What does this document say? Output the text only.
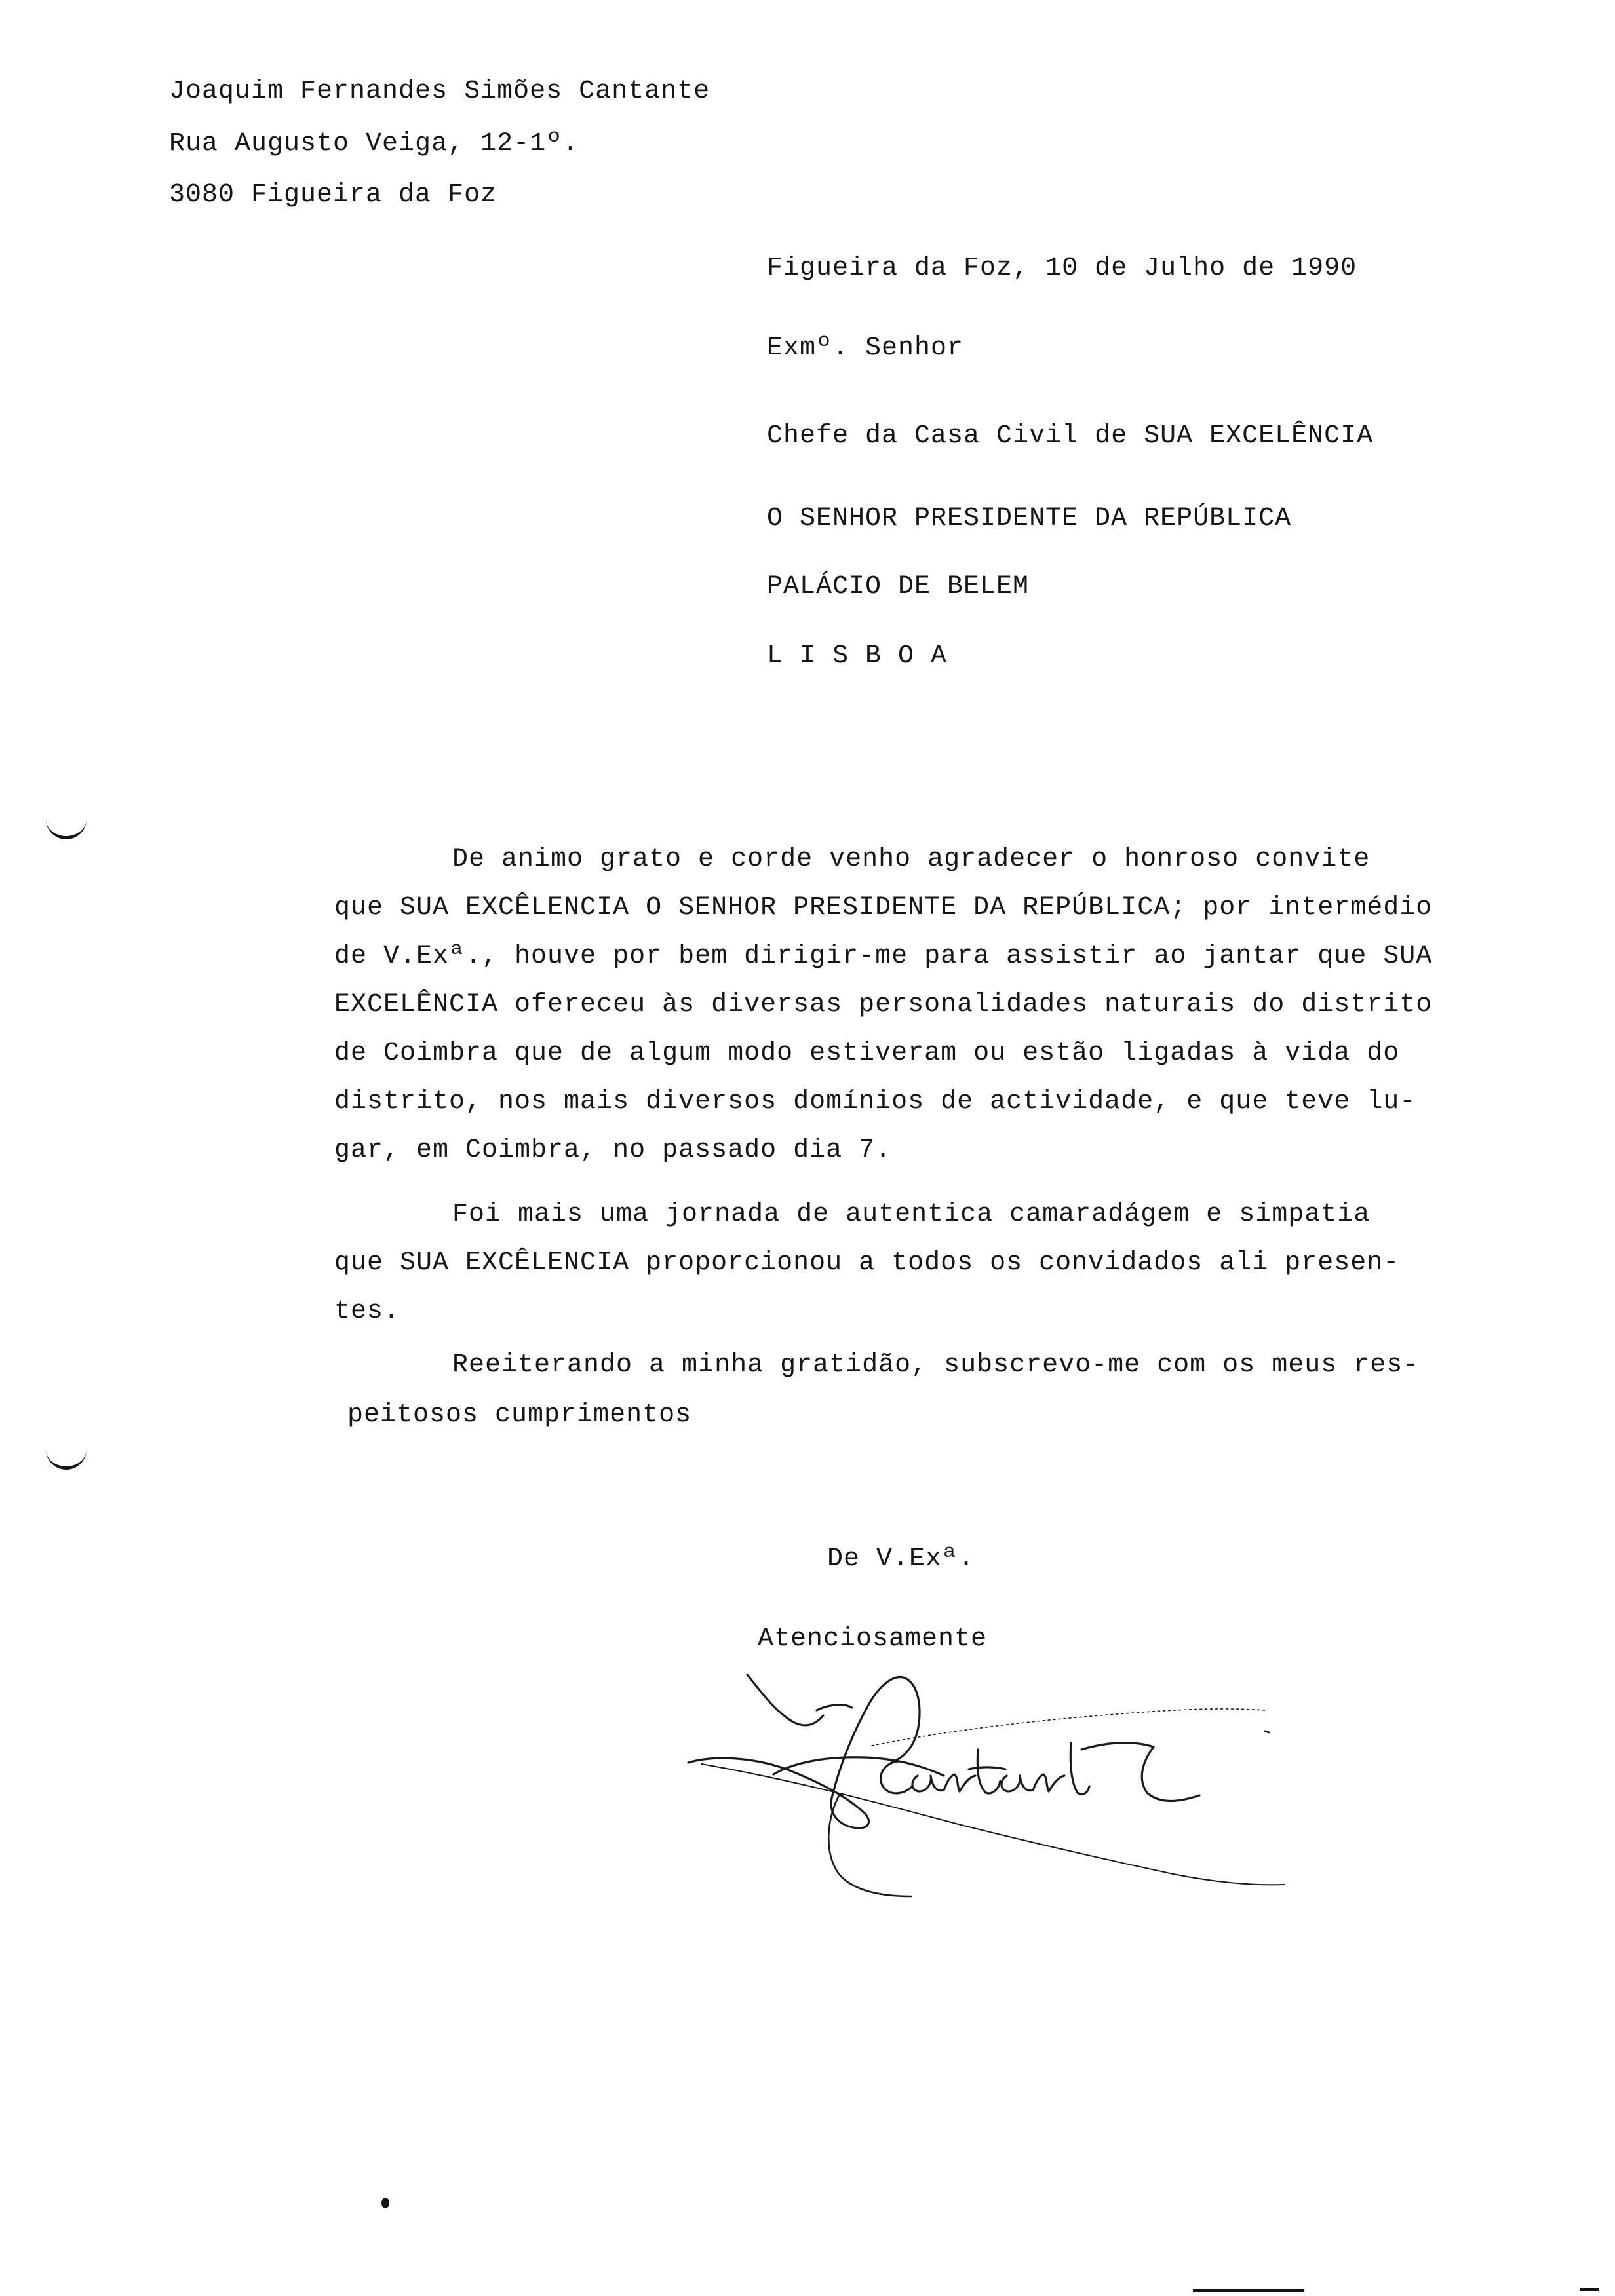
Joaquim Fernandes Simões Cantante
Rua Augusto Veiga, 12-1º.
3080 Figueira da Foz
Figueira da Foz, 10 de Julho de 1990
Exmº. Senhor
Chefe da Casa Civil de SUA EXCELÊNCIA
O SENHOR PRESIDENTE DA REPÚBLICA
PALÁCIO DE BELEM
L I S B O A
De animo grato e corde venho agradecer o honroso convite
que SUA EXCÊLENCIA O SENHOR PRESIDENTE DA REPÚBLICA; por intermédio
de V.Exª., houve por bem dirigir-me para assistir ao jantar que SUA
EXCELÊNCIA ofereceu às diversas personalidades naturais do distrito
de Coimbra que de algum modo estiveram ou estão ligadas à vida do
distrito, nos mais diversos domínios de actividade, e que teve lu-
gar, em Coimbra, no passado dia 7.
Foi mais uma jornada de autentica camaradágem e simpatia
que SUA EXCÊLENCIA proporcionou a todos os convidados ali presen-
tes.
Reeiterando a minha gratidão, subscrevo-me com os meus res-
peitosos cumprimentos
De V.Exª.
Atenciosamente
